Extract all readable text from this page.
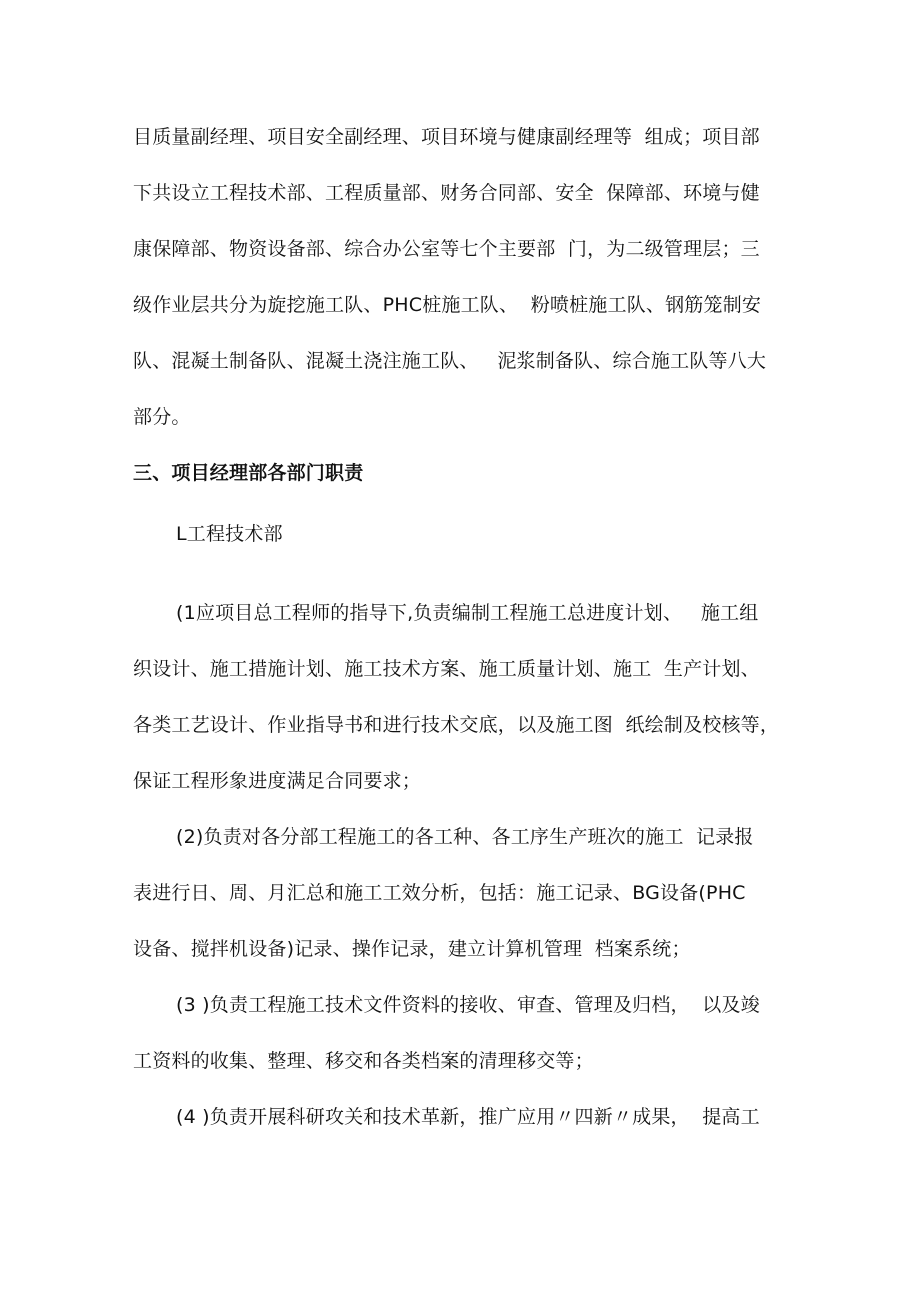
目质量副经理、项目安全副经理、项目环境与健康副经理等  组成；项目部
下共设立工程技术部、工程质量部、财务合同部、安全  保障部、环境与健
康保障部、物资设备部、综合办公室等七个主要部  门，为二级管理层；三
级作业层共分为旋挖施工队、PHC桩施工队、  粉喷桩施工队、钢筋笼制安
队、混凝土制备队、混凝土浇注施工队、   泥浆制备队、综合施工队等八大
部分。
三、项目经理部各部门职责
L工程技术部
(1应项目总工程师的指导下,负责编制工程施工总进度计划、   施工组
织设计、施工措施计划、施工技术方案、施工质量计划、施工  生产计划、
各类工艺设计、作业指导书和进行技术交底，以及施工图  纸绘制及校核等，
保证工程形象进度满足合同要求；
(2)负责对各分部工程施工的各工种、各工序生产班次的施工  记录报
表进行日、周、月汇总和施工工效分析，包括：施工记录、BG设备(PHC
设备、搅拌机设备)记录、操作记录，建立计算机管理  档案系统；
(3 )负责工程施工技术文件资料的接收、审查、管理及归档，  以及竣
工资料的收集、整理、移交和各类档案的清理移交等；
(4 )负责开展科研攻关和技术革新，推广应用〃四新〃成果，  提高工
